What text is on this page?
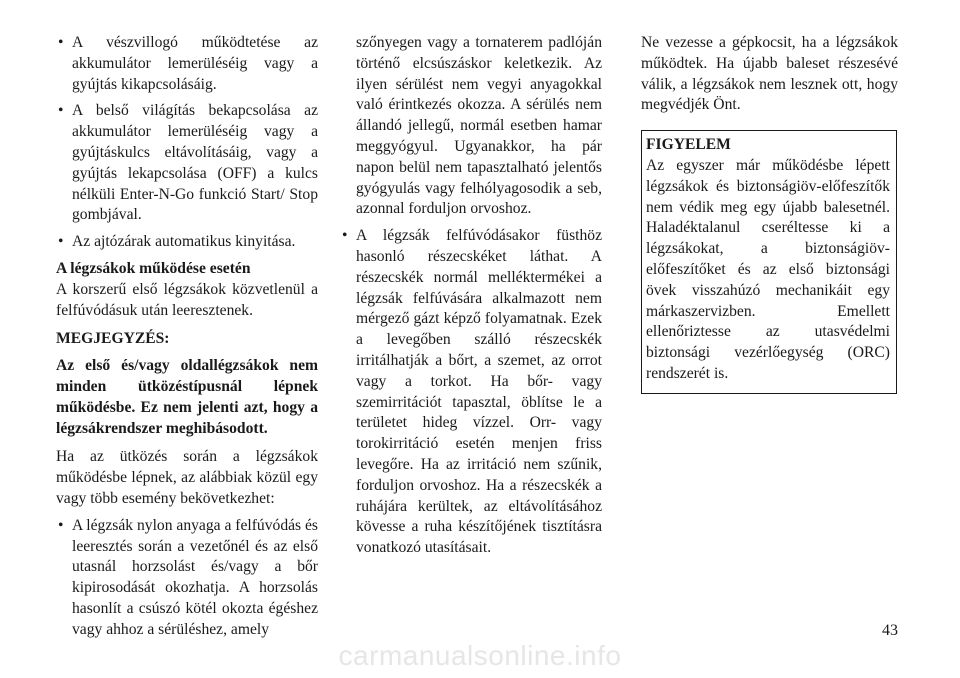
• A vészvillogó működtetése az akkumulátor lemerüléséig vagy a gyújtás kikapcsolásáig.
• A belső világítás bekapcsolása az akkumulátor lemerüléséig vagy a gyújtáskulcs eltávolításáig, vagy a gyújtás lekapcsolása (OFF) a kulcs nélküli Enter-N-Go funkció Start/ Stop gombjával.
• Az ajtózárak automatikus kinyitása.

A légzsákok működése esetén

A korszerű első légzsákok közvetlenül a felfúvódásuk után leeresztenek.

MEGJEGYZÉS:

Az első és/vagy oldallégzsákok nem minden ütközéstípusnál lépnek működésbe. Ez nem jelenti azt, hogy a légzsákrendszer meghibásodott.

Ha az ütközés során a légzsákok működésbe lépnek, az alábbiak közül egy vagy több esemény bekövetkezhet:

• A légzsák nylon anyaga a felfúvódás és leeresztés során a vezetőnél és az első utasnál horzsolást és/vagy a bőr kipirosodását okozhatja. A horzsolás hasonlít a csúszó kötél okozta égéshez vagy ahhoz a sérüléshez, amely

szőnyegen vagy a tornaterem padlóján történő elcsúszáskor keletkezik. Az ilyen sérülést nem vegyi anyagokkal való érintkezés okozza. A sérülés nem állandó jellegű, normál esetben hamar meggyógyul. Ugyanakkor, ha pár napon belül nem tapasztalható jelentős gyógyulás vagy felhólyagosodik a seb, azonnal forduljon orvoshoz.

• A légzsák felfúvódásakor füsthöz hasonló részecskéket láthat. A részecskék normál melléktermékei a légzsák felfúvására alkalmazott nem mérgező gázt képző folyamatnak. Ezek a levegőben szálló részecskék irritálhatják a bőrt, a szemet, az orrot vagy a torkot. Ha bőr- vagy szemirritációt tapasztal, öblítse le a területet hideg vízzel. Orr- vagy torokirritáció esetén menjen friss levegőre. Ha az irritáció nem szűnik, forduljon orvoshoz. Ha a részecskék a ruhájára kerültek, az eltávolításához kövesse a ruha készítőjének tisztításra vonatkozó utasításait.

Ne vezesse a gépkocsit, ha a légzsákok működtek. Ha újabb baleset részesévé válik, a légzsákok nem lesznek ott, hogy megvédjék Önt.

FIGYELEM

Az egyszer már működésbe lépett légzsákok és biztonságiöv-előfeszítők nem védik meg egy újabb balesetnél. Haladéktalanul cseréltesse ki a légzsákokat, a biztonságiöv-előfeszítőket és az első biztonsági övek visszahúzó mechanikáit egy márkaszervizben. Emellett ellenőriztesse az utasvédelmi biztonsági vezérlőegység (ORC) rendszerét is.

43
carmanualsonline.info
